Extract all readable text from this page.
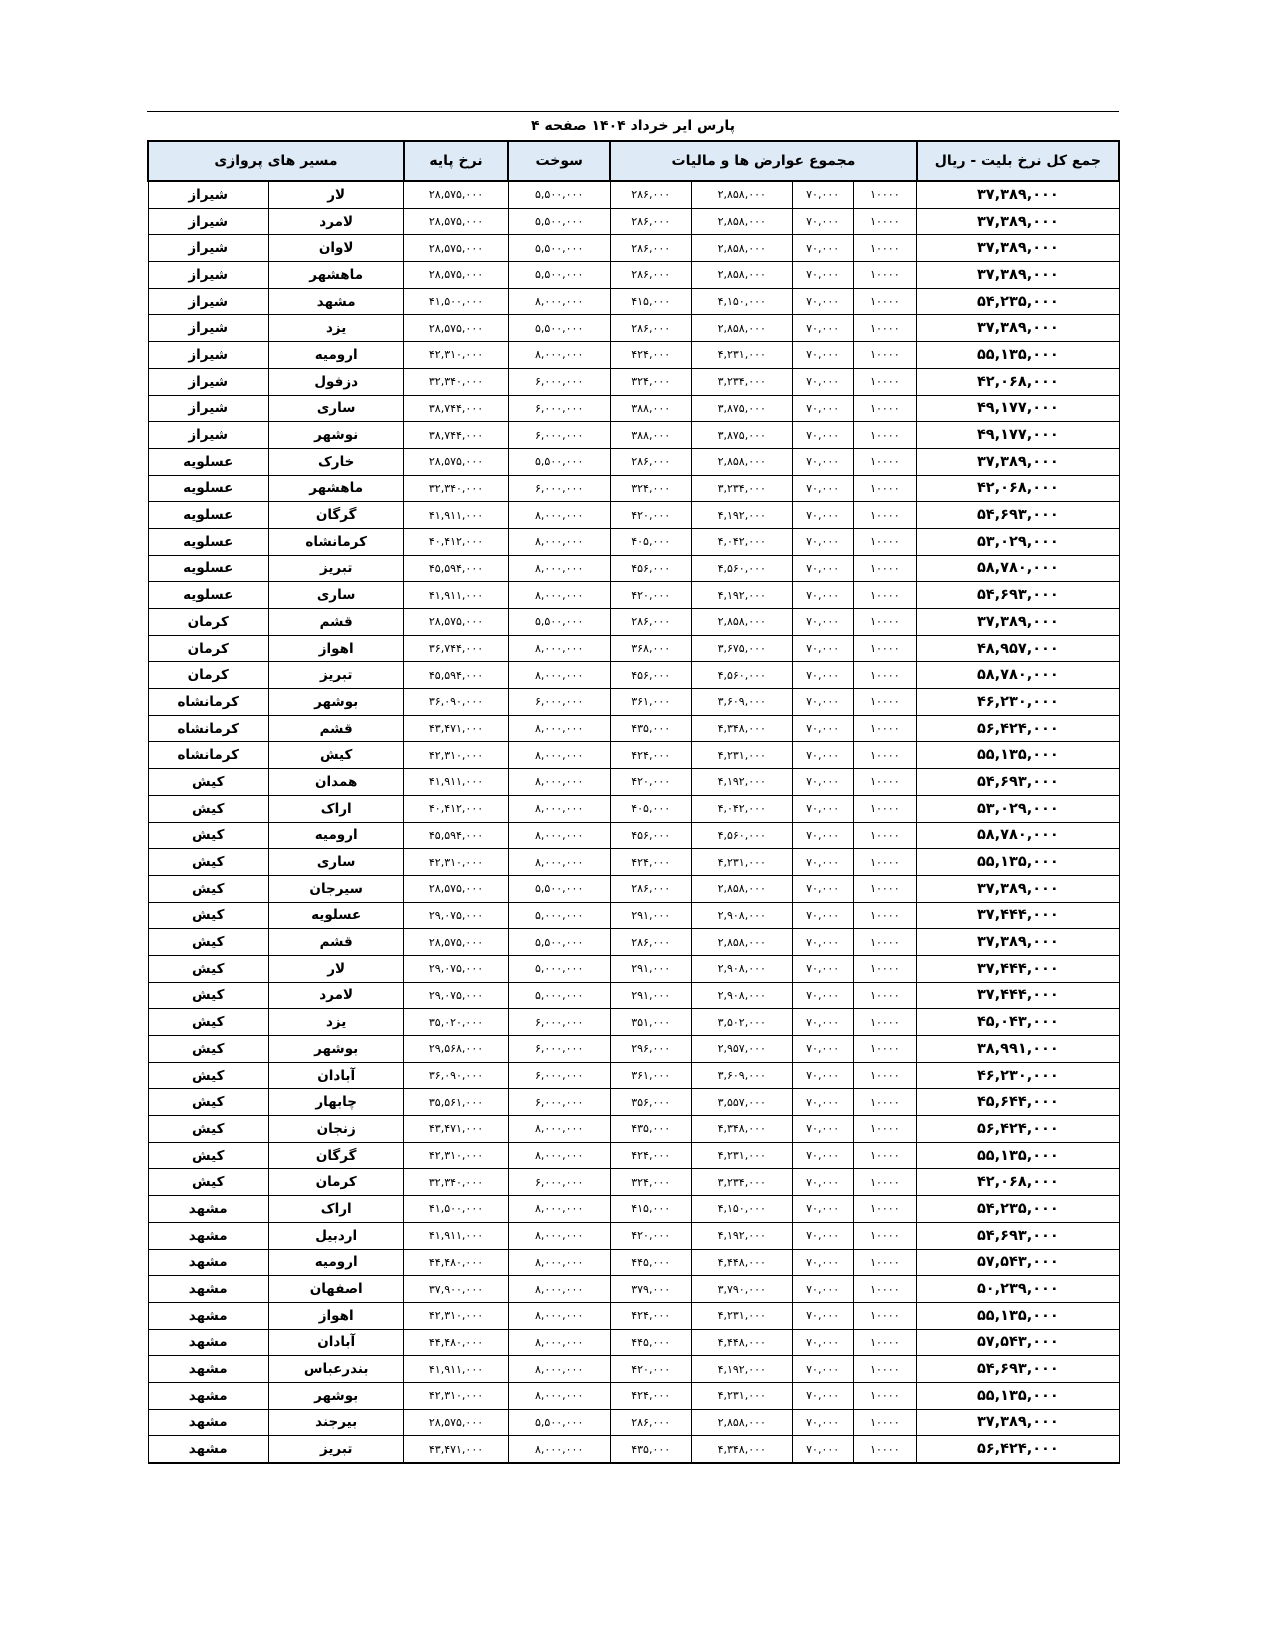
پارس ایر خرداد ۱۴۰۴ صفحه ۴
جمع کل نرخ بلیت - ریال	مجموع عوارض ها و مالیات				سوخت	نرخ پایه	مسیر های پروازی	
۳۷,۳۸۹,۰۰۰	۱۰۰۰۰	۷۰,۰۰۰	۲,۸۵۸,۰۰۰	۲۸۶,۰۰۰	۵,۵۰۰,۰۰۰	۲۸,۵۷۵,۰۰۰	لار	شیراز
۳۷,۳۸۹,۰۰۰	۱۰۰۰۰	۷۰,۰۰۰	۲,۸۵۸,۰۰۰	۲۸۶,۰۰۰	۵,۵۰۰,۰۰۰	۲۸,۵۷۵,۰۰۰	لامرد	شیراز
۳۷,۳۸۹,۰۰۰	۱۰۰۰۰	۷۰,۰۰۰	۲,۸۵۸,۰۰۰	۲۸۶,۰۰۰	۵,۵۰۰,۰۰۰	۲۸,۵۷۵,۰۰۰	لاوان	شیراز
۳۷,۳۸۹,۰۰۰	۱۰۰۰۰	۷۰,۰۰۰	۲,۸۵۸,۰۰۰	۲۸۶,۰۰۰	۵,۵۰۰,۰۰۰	۲۸,۵۷۵,۰۰۰	ماهشهر	شیراز
۵۴,۲۳۵,۰۰۰	۱۰۰۰۰	۷۰,۰۰۰	۴,۱۵۰,۰۰۰	۴۱۵,۰۰۰	۸,۰۰۰,۰۰۰	۴۱,۵۰۰,۰۰۰	مشهد	شیراز
۳۷,۳۸۹,۰۰۰	۱۰۰۰۰	۷۰,۰۰۰	۲,۸۵۸,۰۰۰	۲۸۶,۰۰۰	۵,۵۰۰,۰۰۰	۲۸,۵۷۵,۰۰۰	یزد	شیراز
۵۵,۱۳۵,۰۰۰	۱۰۰۰۰	۷۰,۰۰۰	۴,۲۳۱,۰۰۰	۴۲۴,۰۰۰	۸,۰۰۰,۰۰۰	۴۲,۳۱۰,۰۰۰	ارومیه	شیراز
۴۲,۰۶۸,۰۰۰	۱۰۰۰۰	۷۰,۰۰۰	۳,۲۳۴,۰۰۰	۳۲۴,۰۰۰	۶,۰۰۰,۰۰۰	۳۲,۳۴۰,۰۰۰	دزفول	شیراز
۴۹,۱۷۷,۰۰۰	۱۰۰۰۰	۷۰,۰۰۰	۳,۸۷۵,۰۰۰	۳۸۸,۰۰۰	۶,۰۰۰,۰۰۰	۳۸,۷۴۴,۰۰۰	ساری	شیراز
۴۹,۱۷۷,۰۰۰	۱۰۰۰۰	۷۰,۰۰۰	۳,۸۷۵,۰۰۰	۳۸۸,۰۰۰	۶,۰۰۰,۰۰۰	۳۸,۷۴۴,۰۰۰	نوشهر	شیراز
۳۷,۳۸۹,۰۰۰	۱۰۰۰۰	۷۰,۰۰۰	۲,۸۵۸,۰۰۰	۲۸۶,۰۰۰	۵,۵۰۰,۰۰۰	۲۸,۵۷۵,۰۰۰	خارک	عسلویه
۴۲,۰۶۸,۰۰۰	۱۰۰۰۰	۷۰,۰۰۰	۳,۲۳۴,۰۰۰	۳۲۴,۰۰۰	۶,۰۰۰,۰۰۰	۳۲,۳۴۰,۰۰۰	ماهشهر	عسلویه
۵۴,۶۹۳,۰۰۰	۱۰۰۰۰	۷۰,۰۰۰	۴,۱۹۲,۰۰۰	۴۲۰,۰۰۰	۸,۰۰۰,۰۰۰	۴۱,۹۱۱,۰۰۰	گرگان	عسلویه
۵۳,۰۲۹,۰۰۰	۱۰۰۰۰	۷۰,۰۰۰	۴,۰۴۲,۰۰۰	۴۰۵,۰۰۰	۸,۰۰۰,۰۰۰	۴۰,۴۱۲,۰۰۰	کرمانشاه	عسلویه
۵۸,۷۸۰,۰۰۰	۱۰۰۰۰	۷۰,۰۰۰	۴,۵۶۰,۰۰۰	۴۵۶,۰۰۰	۸,۰۰۰,۰۰۰	۴۵,۵۹۴,۰۰۰	تبریز	عسلویه
۵۴,۶۹۳,۰۰۰	۱۰۰۰۰	۷۰,۰۰۰	۴,۱۹۲,۰۰۰	۴۲۰,۰۰۰	۸,۰۰۰,۰۰۰	۴۱,۹۱۱,۰۰۰	ساری	عسلویه
۳۷,۳۸۹,۰۰۰	۱۰۰۰۰	۷۰,۰۰۰	۲,۸۵۸,۰۰۰	۲۸۶,۰۰۰	۵,۵۰۰,۰۰۰	۲۸,۵۷۵,۰۰۰	قشم	کرمان
۴۸,۹۵۷,۰۰۰	۱۰۰۰۰	۷۰,۰۰۰	۳,۶۷۵,۰۰۰	۳۶۸,۰۰۰	۸,۰۰۰,۰۰۰	۳۶,۷۴۴,۰۰۰	اهواز	کرمان
۵۸,۷۸۰,۰۰۰	۱۰۰۰۰	۷۰,۰۰۰	۴,۵۶۰,۰۰۰	۴۵۶,۰۰۰	۸,۰۰۰,۰۰۰	۴۵,۵۹۴,۰۰۰	تبریز	کرمان
۴۶,۲۳۰,۰۰۰	۱۰۰۰۰	۷۰,۰۰۰	۳,۶۰۹,۰۰۰	۳۶۱,۰۰۰	۶,۰۰۰,۰۰۰	۳۶,۰۹۰,۰۰۰	بوشهر	کرمانشاه
۵۶,۴۲۴,۰۰۰	۱۰۰۰۰	۷۰,۰۰۰	۴,۳۴۸,۰۰۰	۴۳۵,۰۰۰	۸,۰۰۰,۰۰۰	۴۳,۴۷۱,۰۰۰	قشم	کرمانشاه
۵۵,۱۳۵,۰۰۰	۱۰۰۰۰	۷۰,۰۰۰	۴,۲۳۱,۰۰۰	۴۲۴,۰۰۰	۸,۰۰۰,۰۰۰	۴۲,۳۱۰,۰۰۰	کیش	کرمانشاه
۵۴,۶۹۳,۰۰۰	۱۰۰۰۰	۷۰,۰۰۰	۴,۱۹۲,۰۰۰	۴۲۰,۰۰۰	۸,۰۰۰,۰۰۰	۴۱,۹۱۱,۰۰۰	همدان	کیش
۵۳,۰۲۹,۰۰۰	۱۰۰۰۰	۷۰,۰۰۰	۴,۰۴۲,۰۰۰	۴۰۵,۰۰۰	۸,۰۰۰,۰۰۰	۴۰,۴۱۲,۰۰۰	اراک	کیش
۵۸,۷۸۰,۰۰۰	۱۰۰۰۰	۷۰,۰۰۰	۴,۵۶۰,۰۰۰	۴۵۶,۰۰۰	۸,۰۰۰,۰۰۰	۴۵,۵۹۴,۰۰۰	ارومیه	کیش
۵۵,۱۳۵,۰۰۰	۱۰۰۰۰	۷۰,۰۰۰	۴,۲۳۱,۰۰۰	۴۲۴,۰۰۰	۸,۰۰۰,۰۰۰	۴۲,۳۱۰,۰۰۰	ساری	کیش
۳۷,۳۸۹,۰۰۰	۱۰۰۰۰	۷۰,۰۰۰	۲,۸۵۸,۰۰۰	۲۸۶,۰۰۰	۵,۵۰۰,۰۰۰	۲۸,۵۷۵,۰۰۰	سیرجان	کیش
۳۷,۴۴۴,۰۰۰	۱۰۰۰۰	۷۰,۰۰۰	۲,۹۰۸,۰۰۰	۲۹۱,۰۰۰	۵,۰۰۰,۰۰۰	۲۹,۰۷۵,۰۰۰	عسلویه	کیش
۳۷,۳۸۹,۰۰۰	۱۰۰۰۰	۷۰,۰۰۰	۲,۸۵۸,۰۰۰	۲۸۶,۰۰۰	۵,۵۰۰,۰۰۰	۲۸,۵۷۵,۰۰۰	قشم	کیش
۳۷,۴۴۴,۰۰۰	۱۰۰۰۰	۷۰,۰۰۰	۲,۹۰۸,۰۰۰	۲۹۱,۰۰۰	۵,۰۰۰,۰۰۰	۲۹,۰۷۵,۰۰۰	لار	کیش
۳۷,۴۴۴,۰۰۰	۱۰۰۰۰	۷۰,۰۰۰	۲,۹۰۸,۰۰۰	۲۹۱,۰۰۰	۵,۰۰۰,۰۰۰	۲۹,۰۷۵,۰۰۰	لامرد	کیش
۴۵,۰۴۳,۰۰۰	۱۰۰۰۰	۷۰,۰۰۰	۳,۵۰۲,۰۰۰	۳۵۱,۰۰۰	۶,۰۰۰,۰۰۰	۳۵,۰۲۰,۰۰۰	یزد	کیش
۳۸,۹۹۱,۰۰۰	۱۰۰۰۰	۷۰,۰۰۰	۲,۹۵۷,۰۰۰	۲۹۶,۰۰۰	۶,۰۰۰,۰۰۰	۲۹,۵۶۸,۰۰۰	بوشهر	کیش
۴۶,۲۳۰,۰۰۰	۱۰۰۰۰	۷۰,۰۰۰	۳,۶۰۹,۰۰۰	۳۶۱,۰۰۰	۶,۰۰۰,۰۰۰	۳۶,۰۹۰,۰۰۰	آبادان	کیش
۴۵,۶۴۴,۰۰۰	۱۰۰۰۰	۷۰,۰۰۰	۳,۵۵۷,۰۰۰	۳۵۶,۰۰۰	۶,۰۰۰,۰۰۰	۳۵,۵۶۱,۰۰۰	چابهار	کیش
۵۶,۴۲۴,۰۰۰	۱۰۰۰۰	۷۰,۰۰۰	۴,۳۴۸,۰۰۰	۴۳۵,۰۰۰	۸,۰۰۰,۰۰۰	۴۳,۴۷۱,۰۰۰	زنجان	کیش
۵۵,۱۳۵,۰۰۰	۱۰۰۰۰	۷۰,۰۰۰	۴,۲۳۱,۰۰۰	۴۲۴,۰۰۰	۸,۰۰۰,۰۰۰	۴۲,۳۱۰,۰۰۰	گرگان	کیش
۴۲,۰۶۸,۰۰۰	۱۰۰۰۰	۷۰,۰۰۰	۳,۲۳۴,۰۰۰	۳۲۴,۰۰۰	۶,۰۰۰,۰۰۰	۳۲,۳۴۰,۰۰۰	کرمان	کیش
۵۴,۲۳۵,۰۰۰	۱۰۰۰۰	۷۰,۰۰۰	۴,۱۵۰,۰۰۰	۴۱۵,۰۰۰	۸,۰۰۰,۰۰۰	۴۱,۵۰۰,۰۰۰	اراک	مشهد
۵۴,۶۹۳,۰۰۰	۱۰۰۰۰	۷۰,۰۰۰	۴,۱۹۲,۰۰۰	۴۲۰,۰۰۰	۸,۰۰۰,۰۰۰	۴۱,۹۱۱,۰۰۰	اردبیل	مشهد
۵۷,۵۴۳,۰۰۰	۱۰۰۰۰	۷۰,۰۰۰	۴,۴۴۸,۰۰۰	۴۴۵,۰۰۰	۸,۰۰۰,۰۰۰	۴۴,۴۸۰,۰۰۰	ارومیه	مشهد
۵۰,۲۳۹,۰۰۰	۱۰۰۰۰	۷۰,۰۰۰	۳,۷۹۰,۰۰۰	۳۷۹,۰۰۰	۸,۰۰۰,۰۰۰	۳۷,۹۰۰,۰۰۰	اصفهان	مشهد
۵۵,۱۳۵,۰۰۰	۱۰۰۰۰	۷۰,۰۰۰	۴,۲۳۱,۰۰۰	۴۲۴,۰۰۰	۸,۰۰۰,۰۰۰	۴۲,۳۱۰,۰۰۰	اهواز	مشهد
۵۷,۵۴۳,۰۰۰	۱۰۰۰۰	۷۰,۰۰۰	۴,۴۴۸,۰۰۰	۴۴۵,۰۰۰	۸,۰۰۰,۰۰۰	۴۴,۴۸۰,۰۰۰	آبادان	مشهد
۵۴,۶۹۳,۰۰۰	۱۰۰۰۰	۷۰,۰۰۰	۴,۱۹۲,۰۰۰	۴۲۰,۰۰۰	۸,۰۰۰,۰۰۰	۴۱,۹۱۱,۰۰۰	بندرعباس	مشهد
۵۵,۱۳۵,۰۰۰	۱۰۰۰۰	۷۰,۰۰۰	۴,۲۳۱,۰۰۰	۴۲۴,۰۰۰	۸,۰۰۰,۰۰۰	۴۲,۳۱۰,۰۰۰	بوشهر	مشهد
۳۷,۳۸۹,۰۰۰	۱۰۰۰۰	۷۰,۰۰۰	۲,۸۵۸,۰۰۰	۲۸۶,۰۰۰	۵,۵۰۰,۰۰۰	۲۸,۵۷۵,۰۰۰	بیرجند	مشهد
۵۶,۴۲۴,۰۰۰	۱۰۰۰۰	۷۰,۰۰۰	۴,۳۴۸,۰۰۰	۴۳۵,۰۰۰	۸,۰۰۰,۰۰۰	۴۳,۴۷۱,۰۰۰	تبریز	مشهد
